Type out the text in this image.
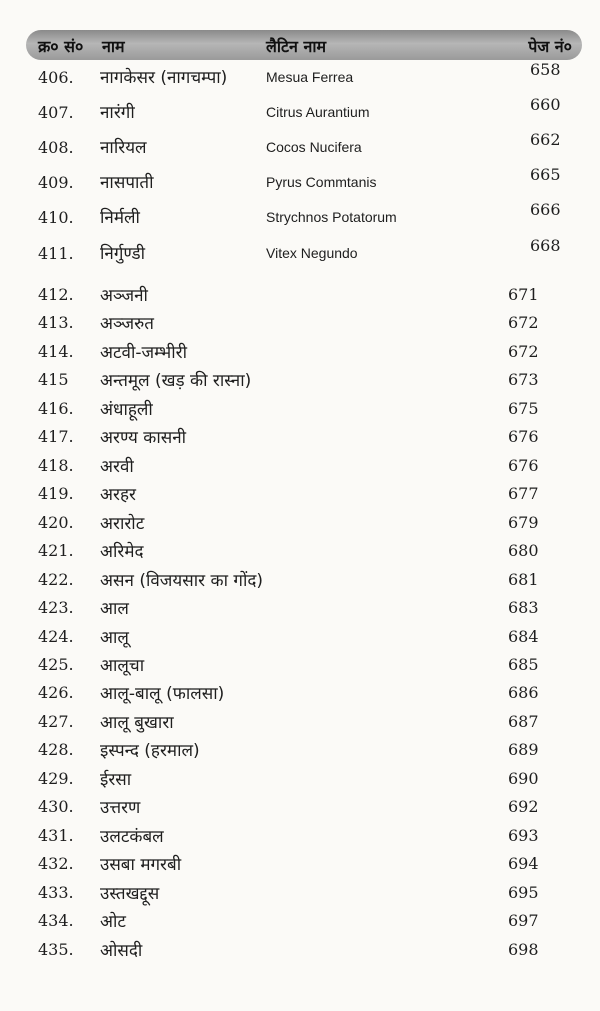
क्र० सं० नाम	लैटिन नाम	पेज नं०
406. नागकेसर (नागचम्पा)	Mesua Ferrea	658
407. नारंगी	Citrus Aurantium	660
408. नारियल	Cocos Nucifera	662
409. नासपाती	Pyrus Commtanis	665
410. निर्मली	Strychnos Potatorum	666
411. निर्गुण्डी	Vitex Negundo	668
412. अञ्जनी	671
413. अञ्जरुत	672
414. अटवी-जम्भीरी	672
415 अन्तमूल (खड़ की रास्ना)	673
416. अंधाहूली	675
417. अरण्य कासनी	676
418. अरवी	676
419. अरहर	677
420. अरारोट	679
421. अरिमेद	680
422. असन (विजयसार का गोंद)	681
423. आल	683
424. आलू	684
425. आलूचा	685
426. आलू-बालू (फालसा)	686
427. आलू बुखारा	687
428. इस्पन्द (हरमाल)	689
429. ईरसा	690
430. उत्तरण	692
431. उलटकंबल	693
432. उसबा मगरबी	694
433. उस्तखद्दूस	695
434. ओट	697
435. ओसदी	698
